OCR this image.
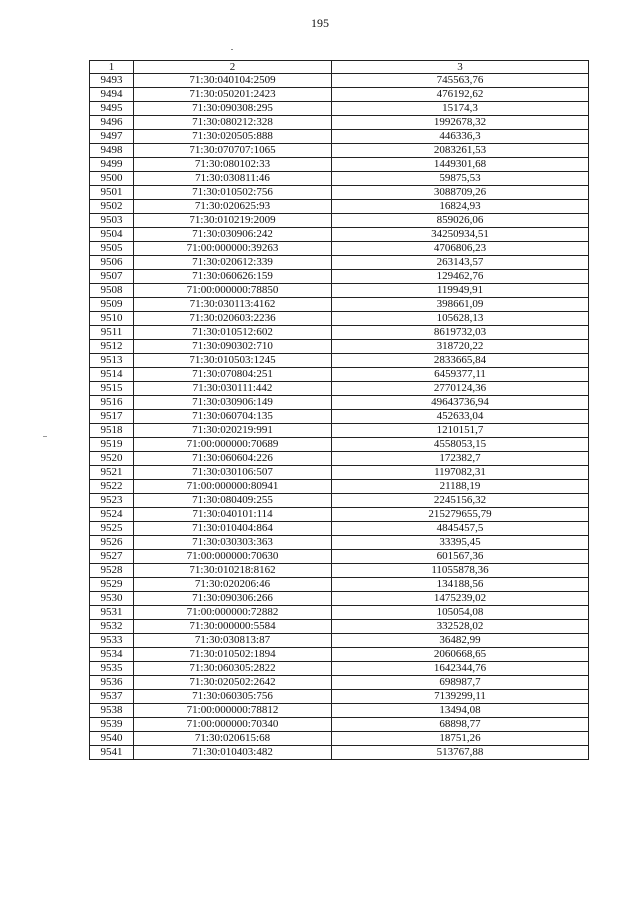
195
1	2	3
9493	71:30:040104:2509	745563,76
9494	71:30:050201:2423	476192,62
9495	71:30:090308:295	15174,3
9496	71:30:080212:328	1992678,32
9497	71:30:020505:888	446336,3
9498	71:30:070707:1065	2083261,53
9499	71:30:080102:33	1449301,68
9500	71:30:030811:46	59875,53
9501	71:30:010502:756	3088709,26
9502	71:30:020625:93	16824,93
9503	71:30:010219:2009	859026,06
9504	71:30:030906:242	34250934,51
9505	71:00:000000:39263	4706806,23
9506	71:30:020612:339	263143,57
9507	71:30:060626:159	129462,76
9508	71:00:000000:78850	119949,91
9509	71:30:030113:4162	398661,09
9510	71:30:020603:2236	105628,13
9511	71:30:010512:602	8619732,03
9512	71:30:090302:710	318720,22
9513	71:30:010503:1245	2833665,84
9514	71:30:070804:251	6459377,11
9515	71:30:030111:442	2770124,36
9516	71:30:030906:149	49643736,94
9517	71:30:060704:135	452633,04
9518	71:30:020219:991	1210151,7
9519	71:00:000000:70689	4558053,15
9520	71:30:060604:226	172382,7
9521	71:30:030106:507	1197082,31
9522	71:00:000000:80941	21188,19
9523	71:30:080409:255	2245156,32
9524	71:30:040101:114	215279655,79
9525	71:30:010404:864	4845457,5
9526	71:30:030303:363	33395,45
9527	71:00:000000:70630	601567,36
9528	71:30:010218:8162	11055878,36
9529	71:30:020206:46	134188,56
9530	71:30:090306:266	1475239,02
9531	71:00:000000:72882	105054,08
9532	71:30:000000:5584	332528,02
9533	71:30:030813:87	36482,99
9534	71:30:010502:1894	2060668,65
9535	71:30:060305:2822	1642344,76
9536	71:30:020502:2642	698987,7
9537	71:30:060305:756	7139299,11
9538	71:00:000000:78812	13494,08
9539	71:00:000000:70340	68898,77
9540	71:30:020615:68	18751,26
9541	71:30:010403:482	513767,88
